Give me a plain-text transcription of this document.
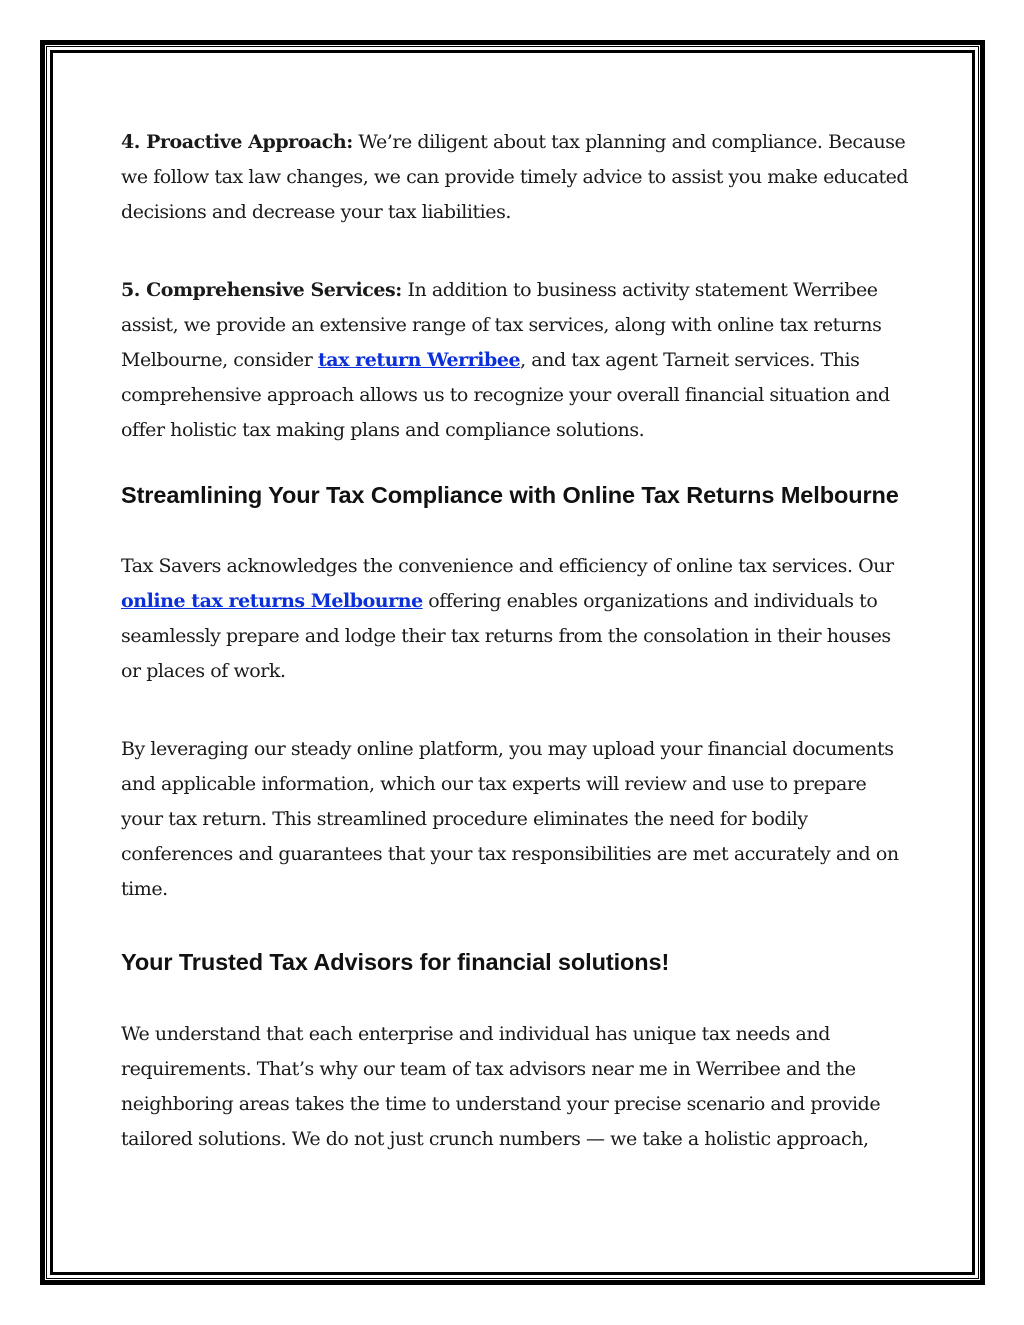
4. Proactive Approach: We’re diligent about tax planning and compliance. Because we follow tax law changes, we can provide timely advice to assist you make educated decisions and decrease your tax liabilities.

5. Comprehensive Services: In addition to business activity statement Werribee assist, we provide an extensive range of tax services, along with online tax returns Melbourne, consider tax return Werribee, and tax agent Tarneit services. This comprehensive approach allows us to recognize your overall financial situation and offer holistic tax making plans and compliance solutions.

Streamlining Your Tax Compliance with Online Tax Returns Melbourne

Tax Savers acknowledges the convenience and efficiency of online tax services. Our online tax returns Melbourne offering enables organizations and individuals to seamlessly prepare and lodge their tax returns from the consolation in their houses or places of work.

By leveraging our steady online platform, you may upload your financial documents and applicable information, which our tax experts will review and use to prepare your tax return. This streamlined procedure eliminates the need for bodily conferences and guarantees that your tax responsibilities are met accurately and on time.

Your Trusted Tax Advisors for financial solutions!

We understand that each enterprise and individual has unique tax needs and requirements. That’s why our team of tax advisors near me in Werribee and the neighboring areas takes the time to understand your precise scenario and provide tailored solutions. We do not just crunch numbers — we take a holistic approach,
